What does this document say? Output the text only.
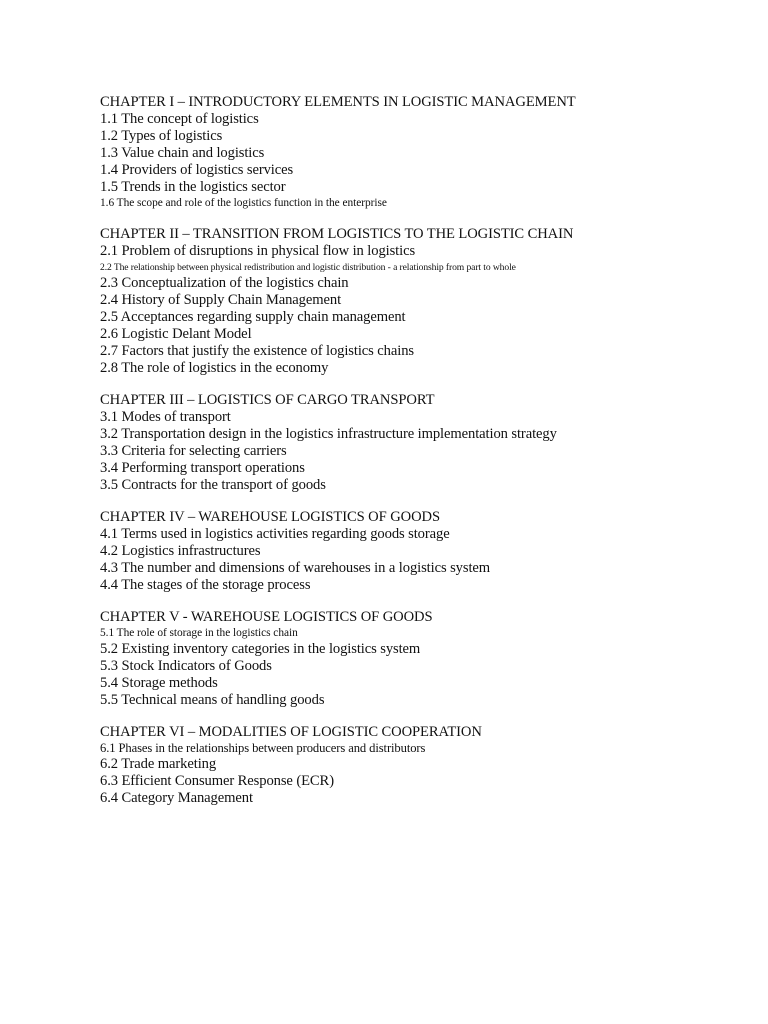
CHAPTER I – INTRODUCTORY ELEMENTS IN LOGISTIC MANAGEMENT
1.1 The concept of logistics
1.2 Types of logistics
1.3 Value chain and logistics
1.4 Providers of logistics services
1.5 Trends in the logistics sector
1.6 The scope and role of the logistics function in the enterprise
CHAPTER II – TRANSITION FROM LOGISTICS TO THE LOGISTIC CHAIN
2.1 Problem of disruptions in physical flow in logistics
2.2 The relationship between physical redistribution and logistic distribution - a relationship from part to whole
2.3 Conceptualization of the logistics chain
2.4 History of Supply Chain Management
2.5 Acceptances regarding supply chain management
2.6 Logistic Delant Model
2.7 Factors that justify the existence of logistics chains
2.8 The role of logistics in the economy
CHAPTER III – LOGISTICS OF CARGO TRANSPORT
3.1 Modes of transport
3.2 Transportation design in the logistics infrastructure implementation strategy
3.3 Criteria for selecting carriers
3.4 Performing transport operations
3.5 Contracts for the transport of goods
CHAPTER IV – WAREHOUSE LOGISTICS OF GOODS
4.1 Terms used in logistics activities regarding goods storage
4.2 Logistics infrastructures
4.3 The number and dimensions of warehouses in a logistics system
4.4 The stages of the storage process
CHAPTER V - WAREHOUSE LOGISTICS OF GOODS
5.1 The role of storage in the logistics chain
5.2 Existing inventory categories in the logistics system
5.3 Stock Indicators of Goods
5.4 Storage methods
5.5 Technical means of handling goods
CHAPTER VI – MODALITIES OF LOGISTIC COOPERATION
6.1 Phases in the relationships between producers and distributors
6.2 Trade marketing
6.3 Efficient Consumer Response (ECR)
6.4 Category Management
